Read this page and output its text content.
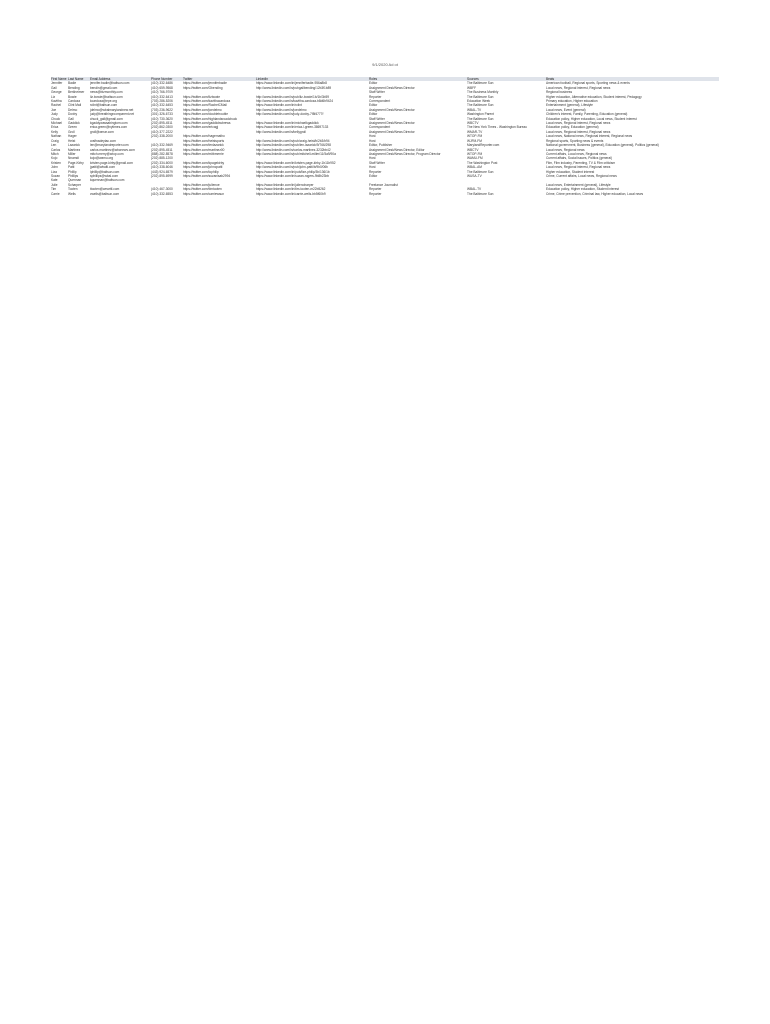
9/1/2020 Ad ot
First Name	Last Name	Email Address	Phone Number	Twitter	LinkedIn	Roles	Sources	Beats
Jennifer	Badie	jennifer.badie@baltsun.com	(410) 332-6486	https://twitter.com/jenniferbadie	https://www.linkedin.com/in/jenniferbadie-956a8b8	Editor	The Baltimore Sun	American football, Regional sports, Sporting news & events
Gail	Bending	bendin@gmail.com	(410) 659-9568	https://twitter.com/Gbending	http://www.linkedin.com/in/pubgailbending/12b3f1b89	Assignment Desk/News Director	WBFF	Local news, Regional interest, Regional news
George	Berkheimer	news@bizmonthly.com	(410) 766-9709			Staff Writer	The Business Monthly	Regional business
Liz	Bowie	liz.bowie@baltsun.com	(410) 332-6413	https://twitter.com/lizbowie	http://www.linkedin.com/in/pub/liz-bowie/1b/1b/3b59	Reporter	The Baltimore Sun	Higher education, Alternative education, Student interest, Pedagogy
Kavitha	Cardoza	kcardoza@epe.org	(703) 286-5206	https://twitter.com/kavithacardoza	http://www.linkedin.com/in/kavitha-cardoza-b8d6b9424	Correspondent	Education Week	Primary education, Higher education
Rachel	Clint Mail	rclint@baltsun.com	(410) 332-6453	https://twitter.com/RachelCMail	https://www.linkedin.com/in/rclint	Editor	The Baltimore Sun	Entertainment (general), Lifestyle
Joe	Delmo	jdelmo@wbalmarylandnew.net	(703) 236-9622	https://twitter.com/joedelmo	http://www.linkedin.com/in/joedelmo	Assignment Desk/News Director	WBAL-TV	Local news, Event (general)
Judy	Doxby	judy@breathingroomparent.net	(301) 326-6733	https://twitter.com/doubletrouble	http://www.linkedin.com/in/judy-doxby-7f8f4777f	Editor	Washington Parent	Children's interest, Family, Parenting, Education (general)
Chuck	Gall	chuck_gall@gmail.com	(410) 730-3620	https://twitter.com/highlandsroadchuck		Staff Writer	The Baltimore Sun	Education policy, Higher education, Local news, Student interest
Michael	Gaddick	kgaddywassabingtom.com	(202) 895-4511	https://twitter.com/gaddickwbrews	https://www.linkedin.com/in/michaelkgaddick	Assignment Desk/News Director	WBCTV	Local news, Regional interest, Regional news
Erica	Green	erica.green@nytimes.com	(202) 862-0300	https://twitter.com/ericagj	https://www.linkedin.com/in/erica-l-green-38697133	Correspondent	The New York Times - Washington Bureau	Education policy, Education (general)
Kelly	Groll	groll@wmar.com	(410) 377-2222		http://www.linkedin.com/in/kellygroll	Assignment Desk/News Director	WMAR-TV	Local news, Regional interest, Regional news
Nathan	Hager		(202) 338-2000	https://twitter.com/hagernatho		Host	WTOP-FM	Local news, National news, Regional interest, Regional news
Craig	Heist	craifnadeytac.com		https://twitter.com/heistsports	http://www.linkedin.com/in/pub/craig-heist/b/2b3/b94	Host	WJFM-FM	Regional sports, Sporting news & events
Len	Lazarick	len@marylandreporter.com	(410) 332-9469	https://twitter.com/lenlazarick	http://www.linkedin.com/in/pub/len-lazarick/9/766/298	Editor, Publisher	MarylandReporter.com	National government, Business (general), Education (general), Politics (general)
Carlos	Martinez	carlos.martinez@wbcnews.com	(202) 895-4511	https://twitter.com/martinez00	http://www.linkedin.com/in/carlos-martinez-3232bb42	Assignment Desk/News Director, Editor	WBCTV	Local news, Regional news
Mitch	Miller	mitch.merry@wtop.com	(888) 282-8578	https://twitter.com/mitbmerrie	http://www.linkedin.com/in/pub/mitchell-miller/11/5a9/90a	Assignment Desk/News Director, Program Director	WTOP-FM	Current affairs, Local news, Regional news
Kojo	Nnamdi	kojo@wamu.org	(202) 885-1200			Host	WAMU-FM	Current affairs, Social issues, Politics (general)
Kristen	Page-Kirby	kristen.page-kirby@gmail.com	(202) 334-6000	https://twitter.com/kpagekirby	https://www.linkedin.com/in/kristen-page-kirby-1b11b952	Staff Writer	The Washington Post	Film, Film industry, Parenting, TV & Film criticism
John	Patti	jpatti@wbaltl.com	(410) 338-6046	https://twitter.com/johncpatti	http://www.linkedin.com/in/pub/john-patti/b/9b0/06b	Host	WBAL-AM	Local news, Regional interest, Regional news
Liza	Phillip	lphillip@baltsun.com	(443) 924-6579	https://twitter.com/lophilip	https://www.linkedin.com/in/pub/lize-philip/3b/136/1b	Reporter	The Baltimore Sun	Higher education, Student interest
Suzan	Phillips	sphillips@wbal.com	(202) 895-6999	https://twitter.com/suzanisab2994	https://www.linkedin.com/in/suzan-rogers-9b8b23bb	Editor	WUSA-TV	Crime, Current affairs, Local news, Regional news
Kate	Quennan	kquennan@baltsun.com						
Julie	Scharper			https://twitter.com/julienoe	https://www.linkedin.com/in/julienoharper	Freelance Journalist		Local news, Entertainment (general), Lifestyle
Tim	Tooten	ttooten@wearttl.com	(410) 467-3000	https://twitter.com/timtooten	https://www.linkedin.com/in/tim-tooten-m22b5262	Reporter	WBAL-TV	Education policy, Higher education, Student interest
Carrie	Wells	cwells@baltsun.com	(410) 332-6553	https://twitter.com/carriewsun	https://www.linkedin.com/in/carrie-wells-bb5f60b9	Reporter	The Baltimore Sun	Crime, Crime prevention, Criminal law, Higher education, Local news
